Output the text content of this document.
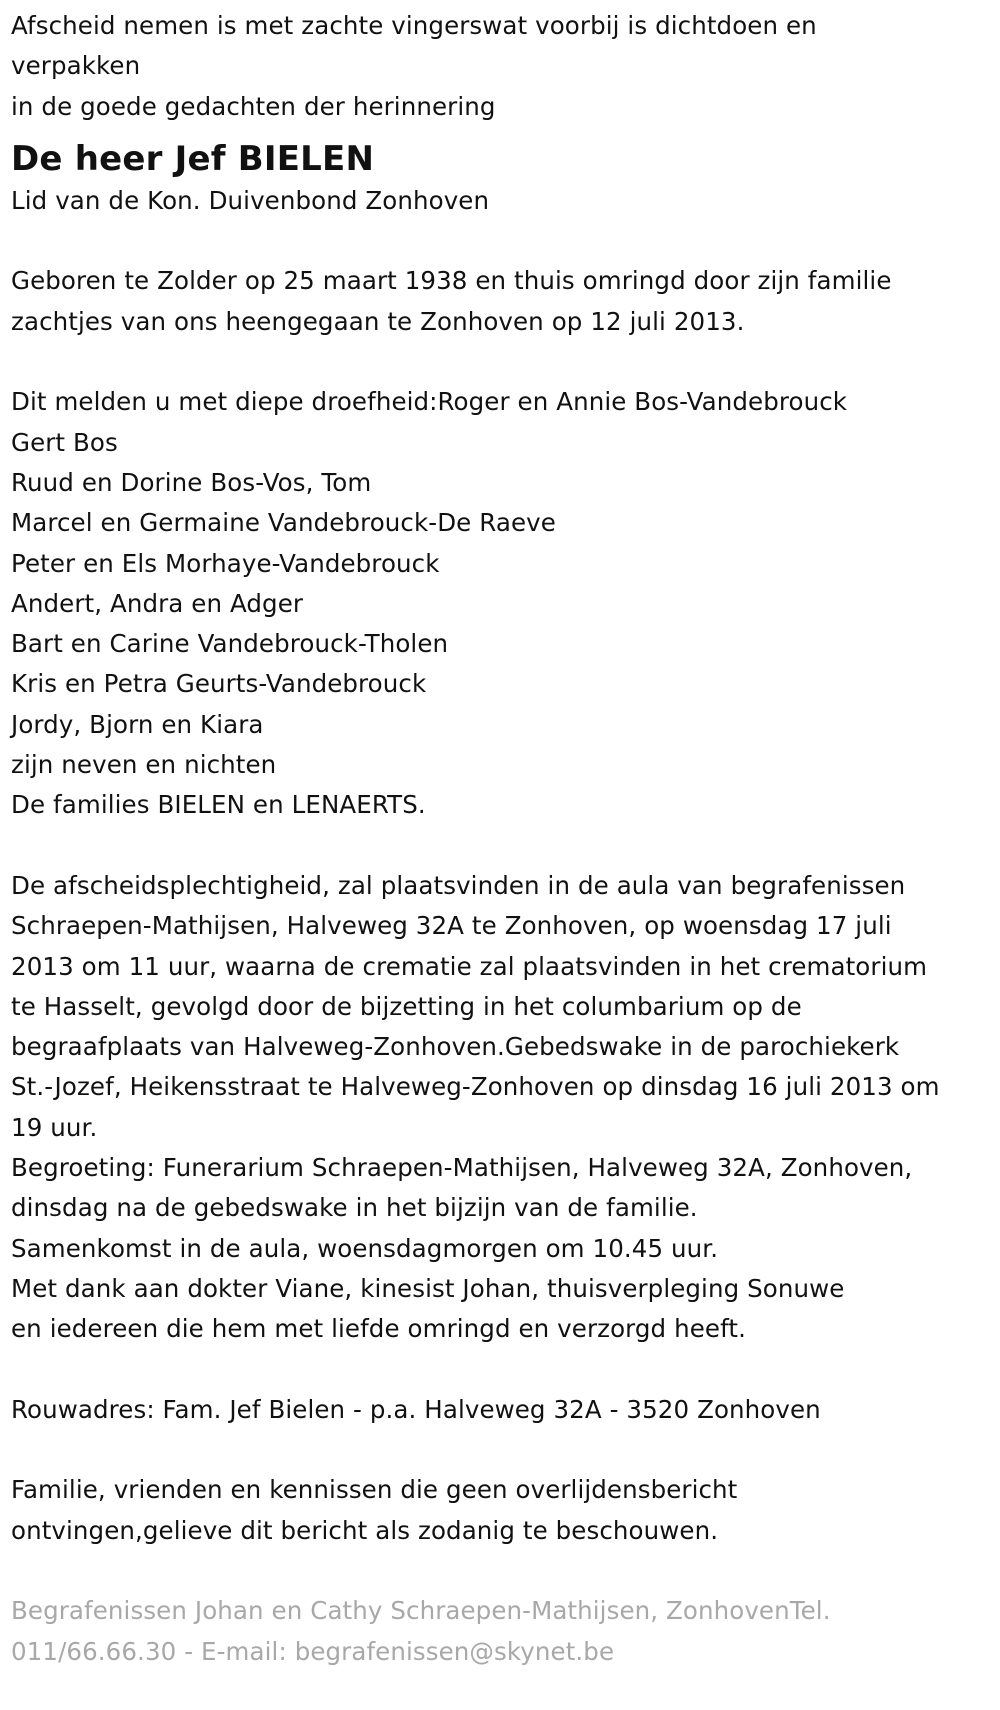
Afscheid nemen is met zachte vingerswat voorbij is dichtdoen en
verpakken
in de goede gedachten der herinnering
De heer Jef BIELEN
Lid van de Kon. Duivenbond Zonhoven
Geboren te Zolder op 25 maart 1938 en thuis omringd door zijn familie
zachtjes van ons heengegaan te Zonhoven op 12 juli 2013.
Dit melden u met diepe droefheid:Roger en Annie Bos-Vandebrouck
Gert Bos
Ruud en Dorine Bos-Vos, Tom
Marcel en Germaine Vandebrouck-De Raeve
Peter en Els Morhaye-Vandebrouck
Andert, Andra en Adger
Bart en Carine Vandebrouck-Tholen
Kris en Petra Geurts-Vandebrouck
Jordy, Bjorn en Kiara
zijn neven en nichten
De families BIELEN en LENAERTS.
De afscheidsplechtigheid, zal plaatsvinden in de aula van begrafenissen
Schraepen-Mathijsen, Halveweg 32A te Zonhoven, op woensdag 17 juli
2013 om 11 uur, waarna de crematie zal plaatsvinden in het crematorium
te Hasselt, gevolgd door de bijzetting in het columbarium op de
begraafplaats van Halveweg-Zonhoven.Gebedswake in de parochiekerk
St.-Jozef, Heikensstraat te Halveweg-Zonhoven op dinsdag 16 juli 2013 om
19 uur.
Begroeting: Funerarium Schraepen-Mathijsen, Halveweg 32A, Zonhoven,
dinsdag na de gebedswake in het bijzijn van de familie.
Samenkomst in de aula, woensdagmorgen om 10.45 uur.
Met dank aan dokter Viane, kinesist Johan, thuisverpleging Sonuwe
en iedereen die hem met liefde omringd en verzorgd heeft.
Rouwadres: Fam. Jef Bielen - p.a. Halveweg 32A - 3520 Zonhoven
Familie, vrienden en kennissen die geen overlijdensbericht
ontvingen,gelieve dit bericht als zodanig te beschouwen.
Begrafenissen Johan en Cathy Schraepen-Mathijsen, ZonhovenTel.
011/66.66.30 - E-mail: begrafenissen@skynet.be
